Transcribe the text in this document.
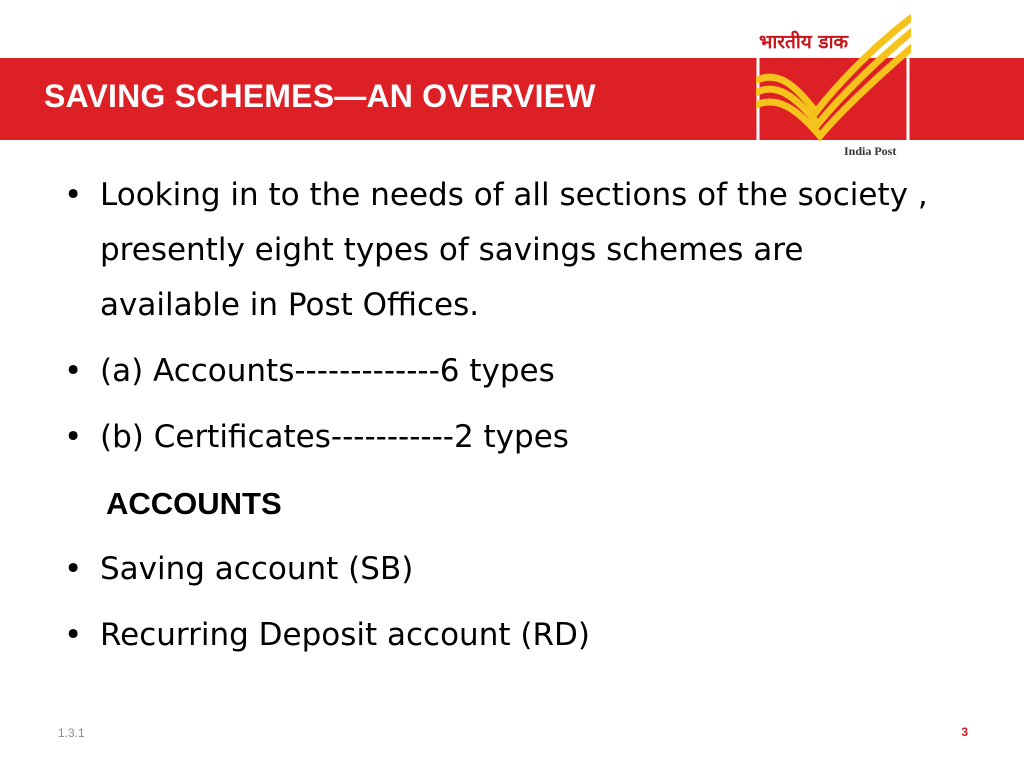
SAVING SCHEMES—AN OVERVIEW
भारतीय डाक
India Post
• Looking in to the needs of all sections of the society , presently eight types of savings schemes are available in Post Offices.
• (a) Accounts-------------6 types
• (b) Certificates-----------2 types
ACCOUNTS
• Saving account (SB)
• Recurring Deposit account (RD)
1.3.1	3
